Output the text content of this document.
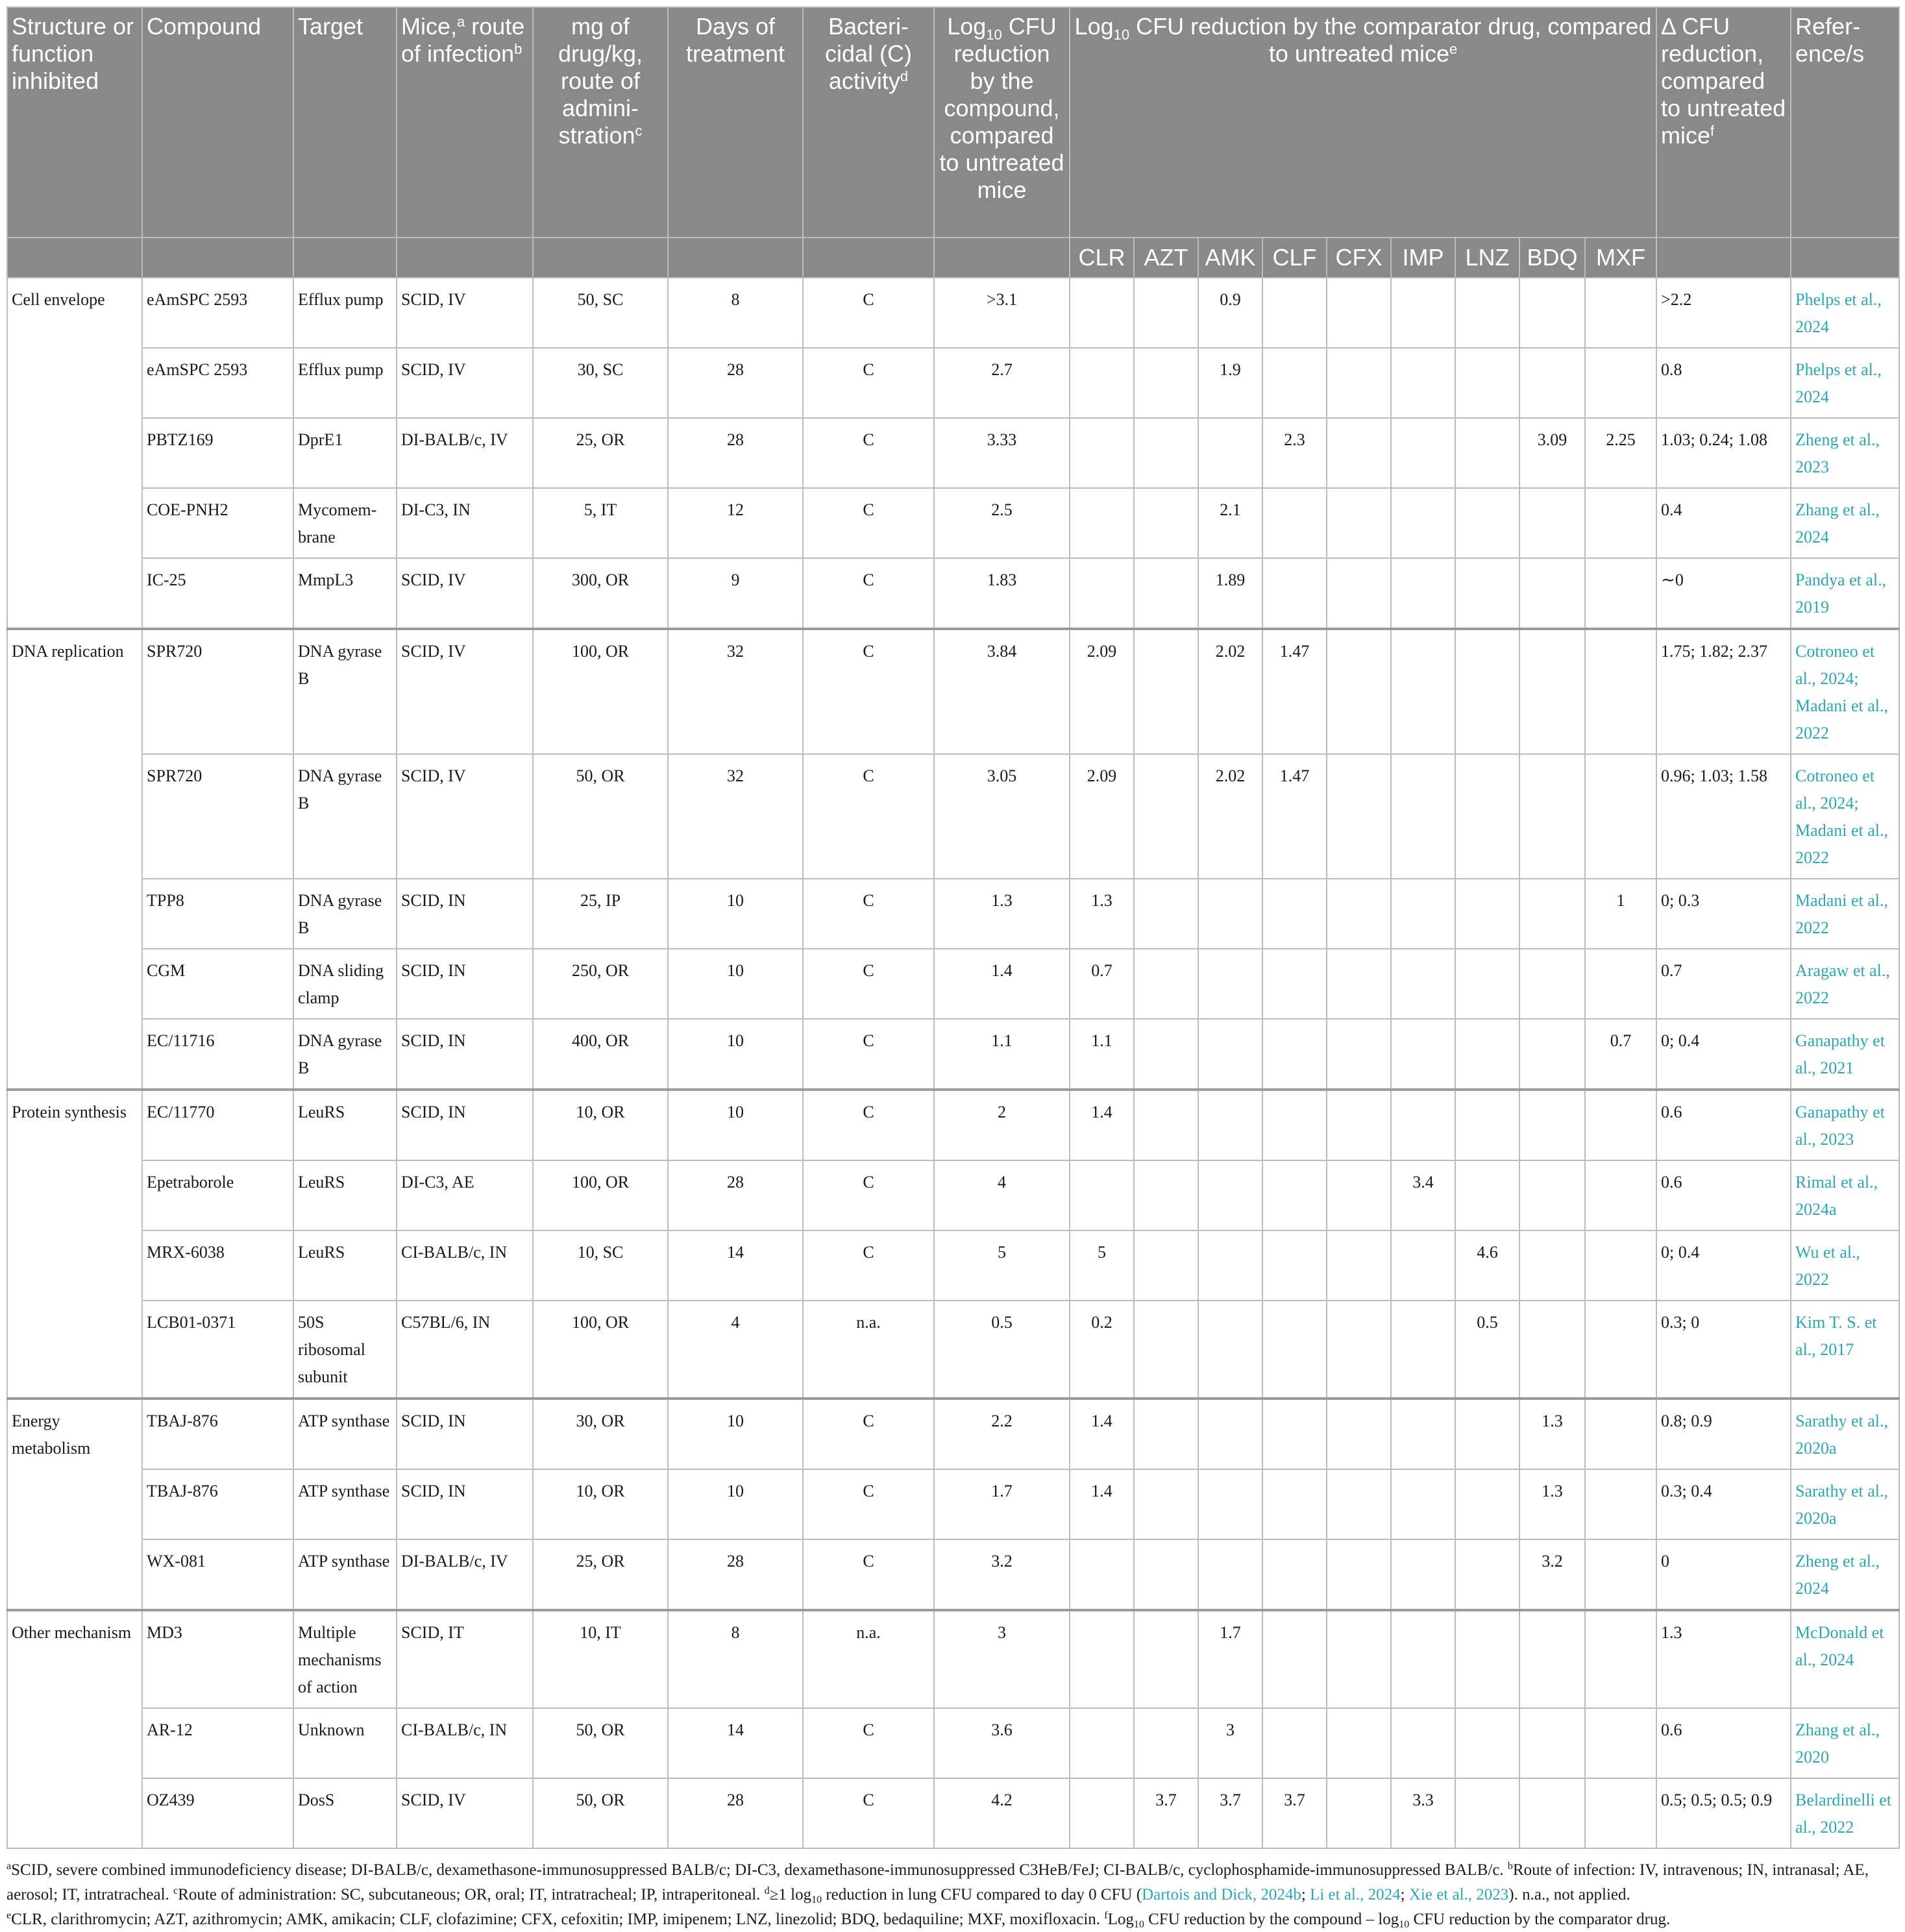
Structure or function inhibited	Compound	Target	Mice,$^a$ route of infection$^b$	mg of drug/kg, route of admini-stration$^c$	Days of treatment	Bacteri-cidal (C) activity$^d$	Log$_{10}$ CFU reduction by the compound, compared to untreated mice	Log$_{10}$ CFU reduction by the comparator drug, compared to untreated mice$^e$									Δ CFU reduction, compared to untreated mice$^f$	Refer-ence/s
								CLR	AZT	AMK	CLF	CFX	IMP	LNZ	BDQ	MXF		
Cell envelope	eAmSPC 2593	Efflux pump	SCID, IV	50, SC	8	C	>3.1			0.9							>2.2	Phelps et al., 2024
	eAmSPC 2593	Efflux pump	SCID, IV	30, SC	28	C	2.7			1.9							0.8	Phelps et al., 2024
	PBTZ169	DprE1	DI-BALB/c, IV	25, OR	28	C	3.33				2.3				3.09	2.25	1.03; 0.24; 1.08	Zheng et al., 2023
	COE-PNH2	Mycomem-brane	DI-C3, IN	5, IT	12	C	2.5			2.1							0.4	Zhang et al., 2024
	IC-25	MmpL3	SCID, IV	300, OR	9	C	1.83			1.89							∼0	Pandya et al., 2019
DNA replication	SPR720	DNA gyrase B	SCID, IV	100, OR	32	C	3.84	2.09		2.02	1.47						1.75; 1.82; 2.37	Cotroneo et al., 2024; Madani et al., 2022
	SPR720	DNA gyrase B	SCID, IV	50, OR	32	C	3.05	2.09		2.02	1.47						0.96; 1.03; 1.58	Cotroneo et al., 2024; Madani et al., 2022
	TPP8	DNA gyrase B	SCID, IN	25, IP	10	C	1.3	1.3								1	0; 0.3	Madani et al., 2022
	CGM	DNA sliding clamp	SCID, IN	250, OR	10	C	1.4	0.7									0.7	Aragaw et al., 2022
	EC/11716	DNA gyrase B	SCID, IN	400, OR	10	C	1.1	1.1								0.7	0; 0.4	Ganapathy et al., 2021
Protein synthesis	EC/11770	LeuRS	SCID, IN	10, OR	10	C	2	1.4									0.6	Ganapathy et al., 2023
	Epetraborole	LeuRS	DI-C3, AE	100, OR	28	C	4						3.4				0.6	Rimal et al., 2024a
	MRX-6038	LeuRS	CI-BALB/c, IN	10, SC	14	C	5	5						4.6			0; 0.4	Wu et al., 2022
	LCB01-0371	50S ribosomal subunit	C57BL/6, IN	100, OR	4	n.a.	0.5	0.2						0.5			0.3; 0	Kim T. S. et al., 2017
Energy metabolism	TBAJ-876	ATP synthase	SCID, IN	30, OR	10	C	2.2	1.4							1.3		0.8; 0.9	Sarathy et al., 2020a
	TBAJ-876	ATP synthase	SCID, IN	10, OR	10	C	1.7	1.4							1.3		0.3; 0.4	Sarathy et al., 2020a
	WX-081	ATP synthase	DI-BALB/c, IV	25, OR	28	C	3.2								3.2		0	Zheng et al., 2024
Other mechanism	MD3	Multiple mechanisms of action	SCID, IT	10, IT	8	n.a.	3			1.7							1.3	McDonald et al., 2024
	AR-12	Unknown	CI-BALB/c, IN	50, OR	14	C	3.6			3							0.6	Zhang et al., 2020
	OZ439	DosS	SCID, IV	50, OR	28	C	4.2		3.7	3.7	3.7		3.3				0.5; 0.5; 0.5; 0.9	Belardinelli et al., 2022

$^a$SCID, severe combined immunodeficiency disease; DI-BALB/c, dexamethasone-immunosuppressed BALB/c; DI-C3, dexamethasone-immunosuppressed C3HeB/FeJ; CI-BALB/c, cyclophosphamide-immunosuppressed BALB/c. $^b$Route of infection: IV, intravenous; IN, intranasal; AE, aerosol; IT, intratracheal. $^c$Route of administration: SC, subcutaneous; OR, oral; IT, intratracheal; IP, intraperitoneal. $^d$≥1 $\log_{10}$ reduction in lung CFU compared to day 0 CFU (Dartois and Dick, 2024b; Li et al., 2024; Xie et al., 2023). n.a., not applied.

$^e$CLR, clarithromycin; AZT, azithromycin; AMK, amikacin; CLF, clofazimine; CFX, cefoxitin; IMP, imipenem; LNZ, linezolid; BDQ, bedaquiline; MXF, moxifloxacin. $^f$Log$_{10}$ CFU reduction by the compound – $\log_{10}$ CFU reduction by the comparator drug.
